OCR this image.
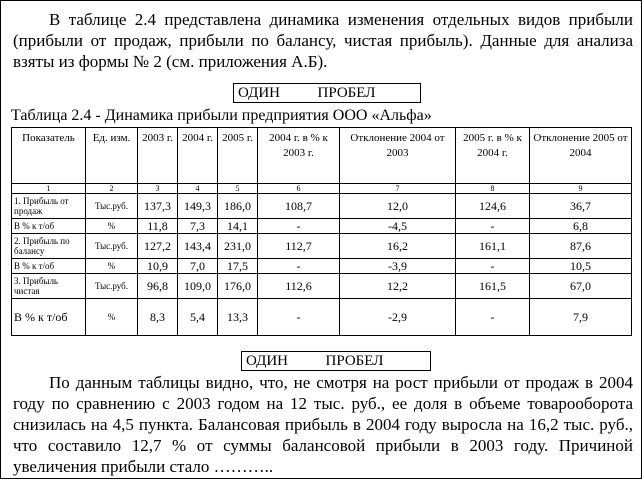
В таблице 2.4 представлена динамика изменения отдельных видов прибыли (прибыли от продаж, прибыли по балансу, чистая прибыль). Данные для анализа взяты из формы № 2 (см. приложения А.Б).

ОДИН          ПРОБЕЛ

Таблица 2.4 - Динамика прибыли предприятия ООО «Альфа»

Показатель	Ед. изм.	2003 г.	2004 г.	2005 г.	2004 г. в % к 2003 г.	Отклонение 2004 от 2003	2005 г. в % к 2004 г.	Отклонение 2005 от 2004
1	2	3	4	5	6	7	8	9
1. Прибыль от продаж	Тыс.руб.	137,3	149,3	186,0	108,7	12,0	124,6	36,7
В % к т/об	%	11,8	7,3	14,1	-	-4,5	-	6,8
2. Прибыль по балансу	Тыс.руб.	127,2	143,4	231,0	112,7	16,2	161,1	87,6
В % к т/об	%	10,9	7,0	17,5	-	-3,9	-	10,5
3. Прибыль чистая	Тыс.руб.	96,8	109,0	176,0	112,6	12,2	161,5	67,0
В % к т/об	%	8,3	5,4	13,3	-	-2,9	-	7,9
ОДИН          ПРОБЕЛ

По данным таблицы видно, что, не смотря на рост прибыли от продаж в 2004 году по сравнению с 2003 годом на 12 тыс. руб., ее доля в объеме товарооборота снизилась на 4,5 пункта. Балансовая прибыль в 2004 году выросла на 16,2 тыс. руб., что составило 12,7 % от суммы балансовой прибыли в 2003 году. Причиной увеличения прибыли стало ………..
